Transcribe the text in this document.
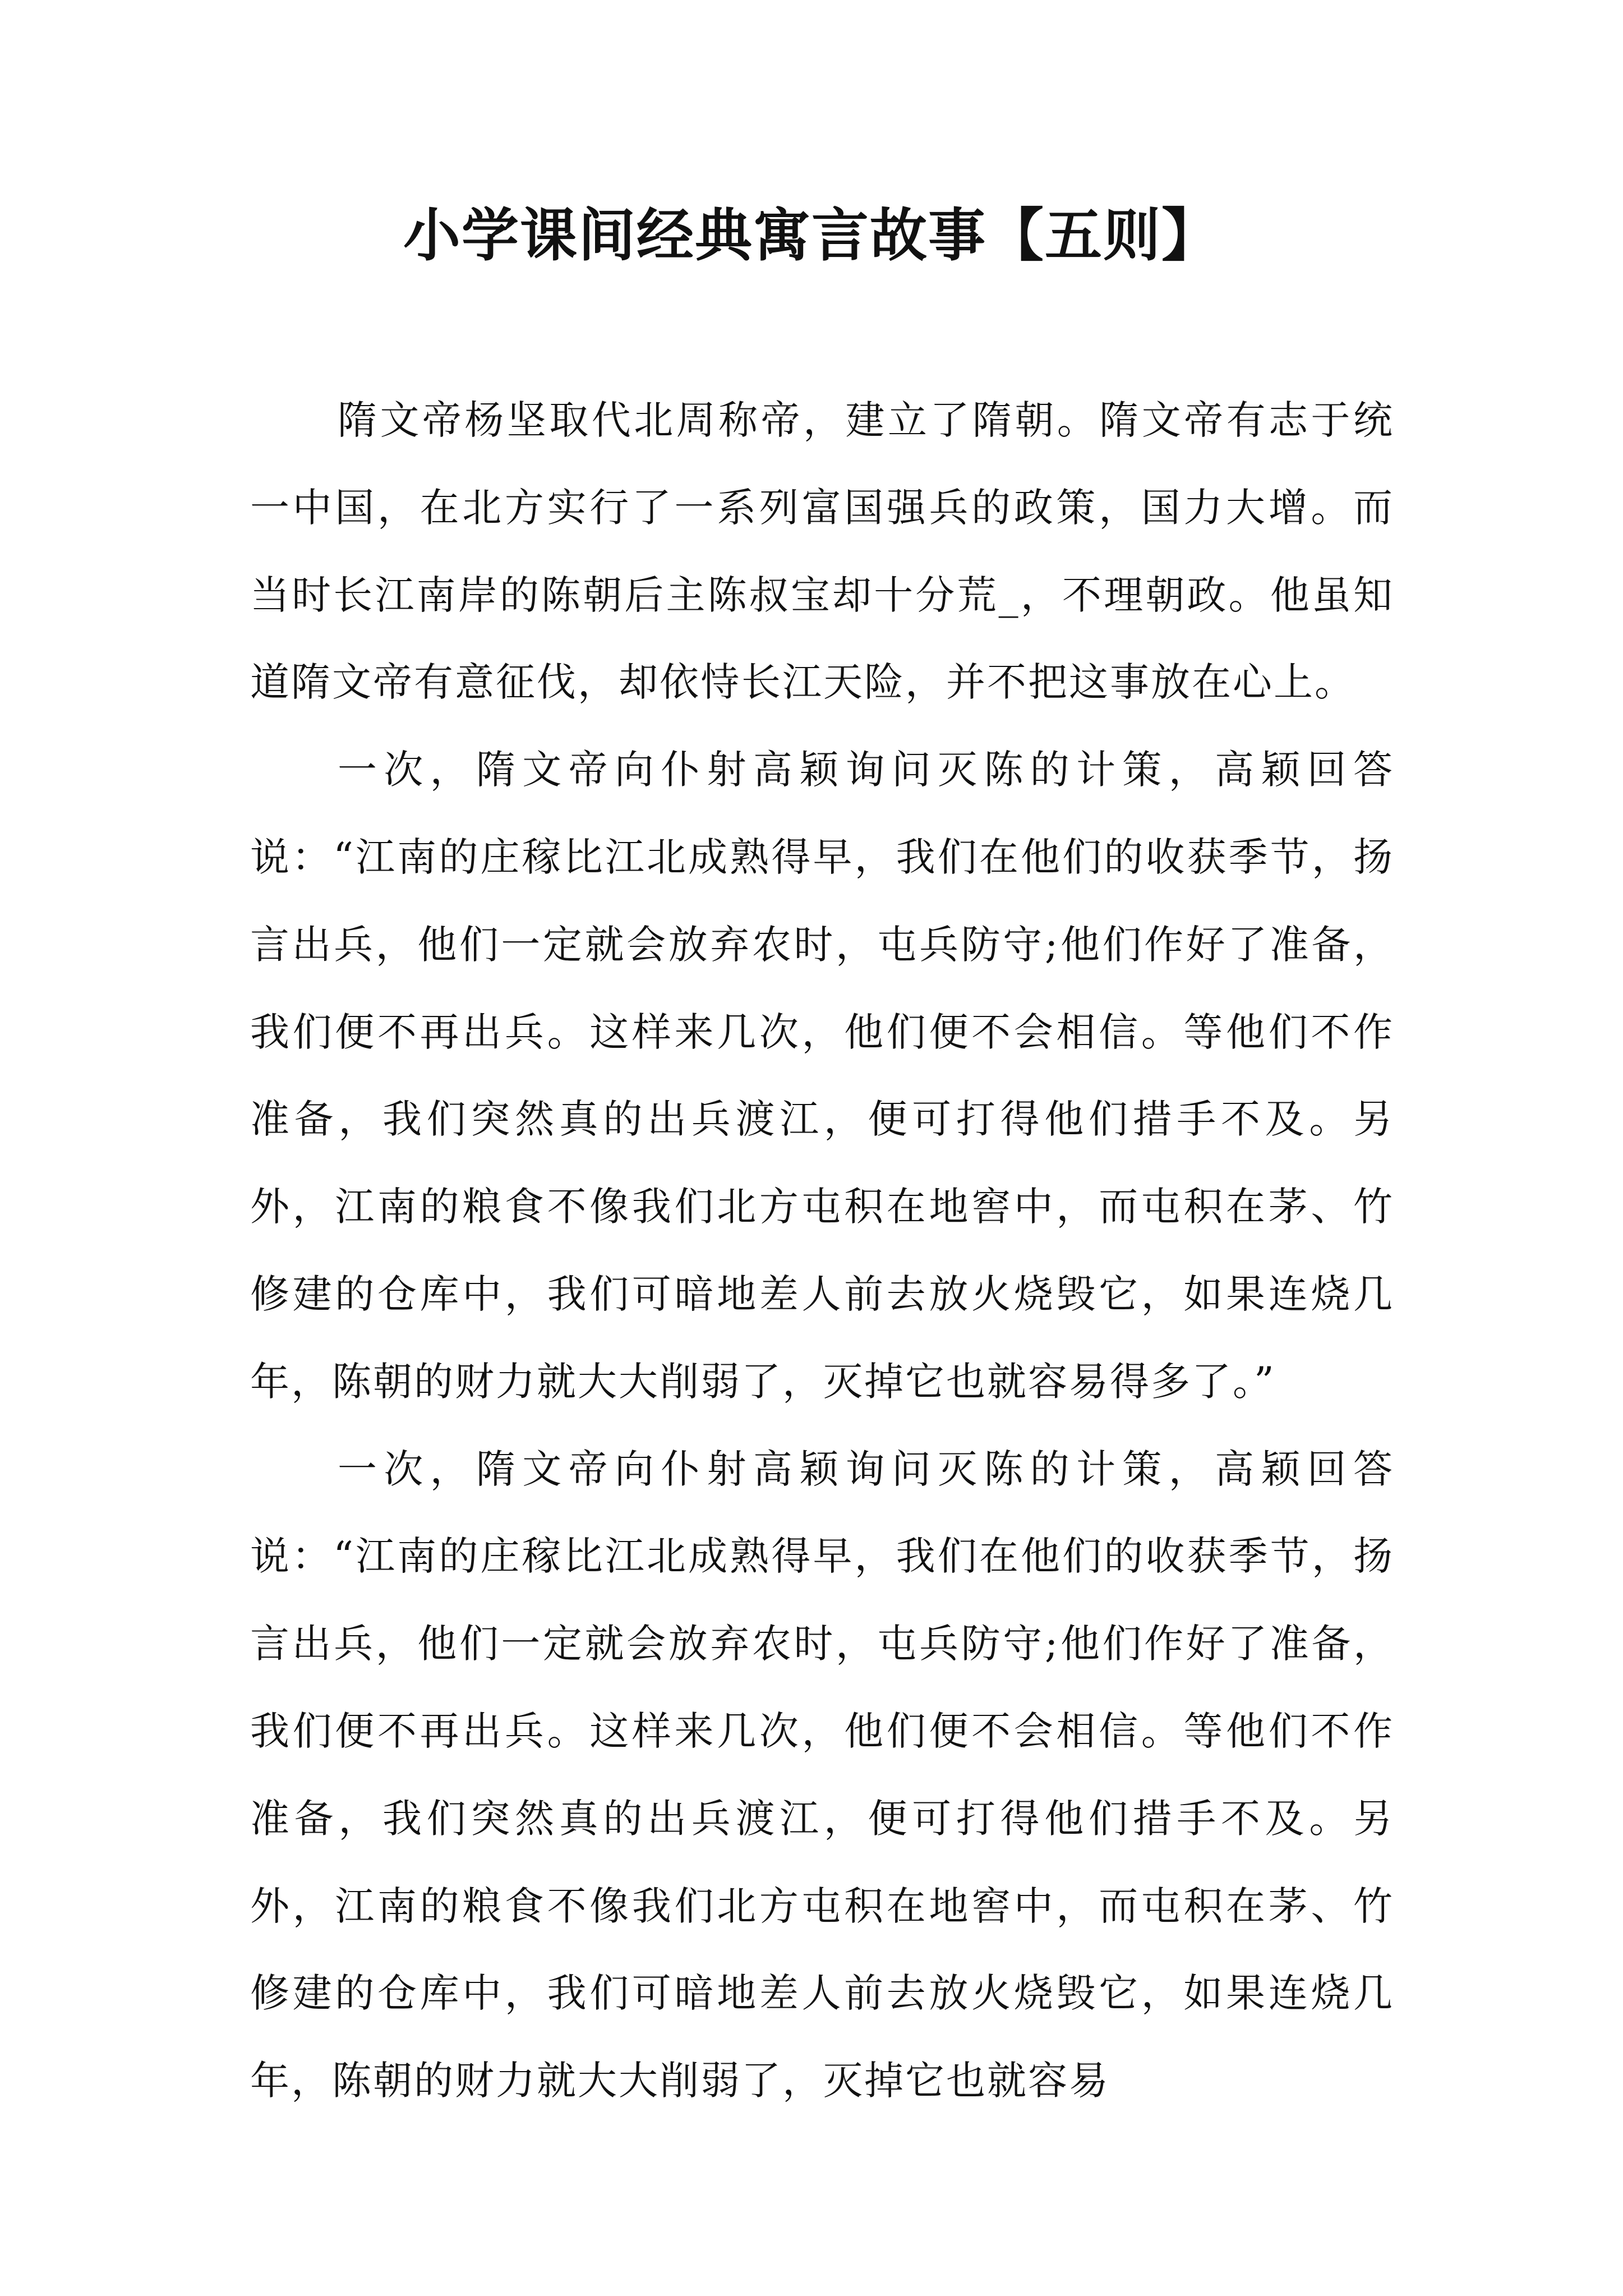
小学课间经典寓言故事【五则】

隋文帝杨坚取代北周称帝，建立了隋朝。隋文帝有志于统一中国，在北方实行了一系列富国强兵的政策，国力大增。而当时长江南岸的陈朝后主陈叔宝却十分荒_，不理朝政。他虽知道隋文帝有意征伐，却依恃长江天险，并不把这事放在心上。

一次，隋文帝向仆射高颖询问灭陈的计策，高颖回答说：“江南的庄稼比江北成熟得早，我们在他们的收获季节，扬言出兵，他们一定就会放弃农时，屯兵防守;他们作好了准备，我们便不再出兵。这样来几次，他们便不会相信。等他们不作准备，我们突然真的出兵渡江，便可打得他们措手不及。另外，江南的粮食不像我们北方屯积在地窖中，而屯积在茅、竹修建的仓库中，我们可暗地差人前去放火烧毁它，如果连烧几年，陈朝的财力就大大削弱了，灭掉它也就容易得多了。”

一次，隋文帝向仆射高颖询问灭陈的计策，高颖回答说：“江南的庄稼比江北成熟得早，我们在他们的收获季节，扬言出兵，他们一定就会放弃农时，屯兵防守;他们作好了准备，我们便不再出兵。这样来几次，他们便不会相信。等他们不作准备，我们突然真的出兵渡江，便可打得他们措手不及。另外，江南的粮食不像我们北方屯积在地窖中，而屯积在茅、竹修建的仓库中，我们可暗地差人前去放火烧毁它，如果连烧几年，陈朝的财力就大大削弱了，灭掉它也就容易
